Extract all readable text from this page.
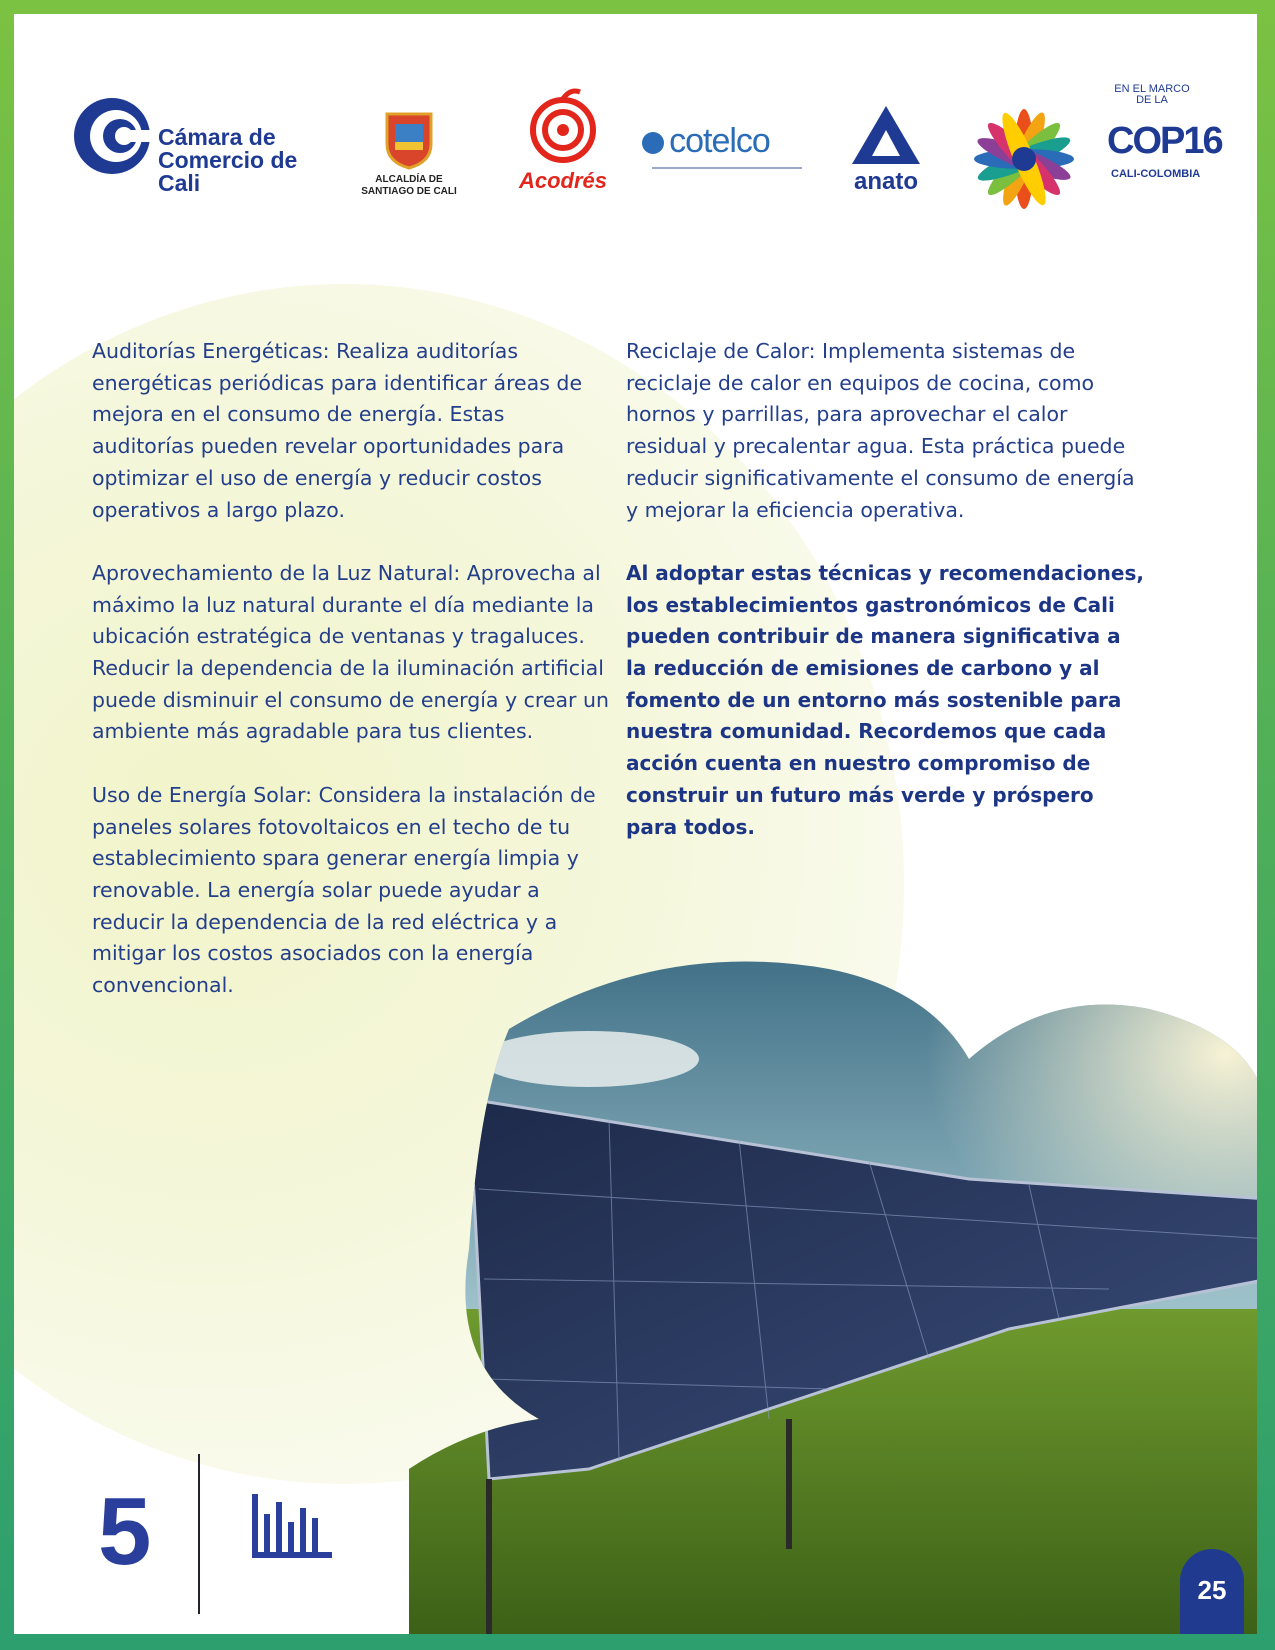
Cámara de
Comercio de
Cali	ALCALDÍA DE
SANTIAGO DE CALI	Acodrés
cotelco
anato
EN EL MARCO
DE LA
COP16
CALI-COLOMBIA

Auditorías Energéticas: Realiza auditorías energéticas periódicas para identificar áreas de mejora en el consumo de energía. Estas auditorías pueden revelar oportunidades para optimizar el uso de energía y reducir costos operativos a largo plazo.

Aprovechamiento de la Luz Natural: Aprovecha al máximo la luz natural durante el día mediante la ubicación estratégica de ventanas y tragaluces. Reducir la dependencia de la iluminación artificial puede disminuir el consumo de energía y crear un ambiente más agradable para tus clientes.

Uso de Energía Solar: Considera la instalación de paneles solares fotovoltaicos en el techo de tu establecimiento spara generar energía limpia y renovable. La energía solar puede ayudar a reducir la dependencia de la red eléctrica y a mitigar los costos asociados con la energía convencional.

Reciclaje de Calor: Implementa sistemas de reciclaje de calor en equipos de cocina, como hornos y parrillas, para aprovechar el calor residual y precalentar agua. Esta práctica puede reducir significativamente el consumo de energía y mejorar la eficiencia operativa.

Al adoptar estas técnicas y recomendaciones, los establecimientos gastronómicos de Cali pueden contribuir de manera significativa a la reducción de emisiones de carbono y al fomento de un entorno más sostenible para nuestra comunidad. Recordemos que cada acción cuenta en nuestro compromiso de construir un futuro más verde y próspero para todos.

5
25
